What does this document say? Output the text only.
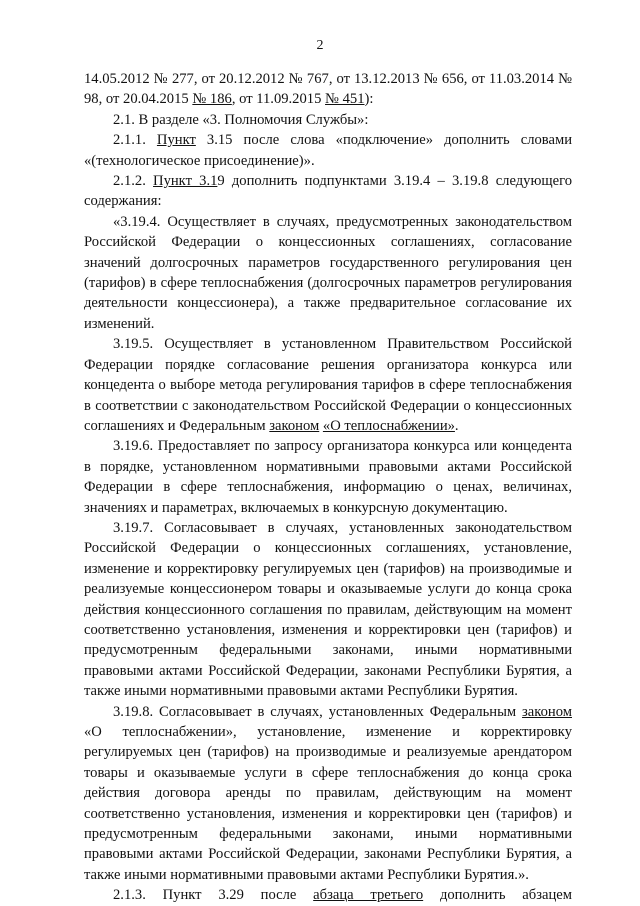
2

14.05.2012 № 277, от 20.12.2012 № 767, от 13.12.2013 № 656, от 11.03.2014 № 98, от 20.04.2015 № 186, от 11.09.2015 № 451):

2.1. В разделе «3. Полномочия Службы»:

2.1.1. Пункт 3.15 после слова «подключение» дополнить словами «(технологическое присоединение)».

2.1.2. Пункт 3.19 дополнить подпунктами 3.19.4 – 3.19.8 следующего содержания:

«3.19.4. Осуществляет в случаях, предусмотренных законодательством Российской Федерации о концессионных соглашениях, согласование значений долгосрочных параметров государственного регулирования цен (тарифов) в сфере теплоснабжения (долгосрочных параметров регулирования деятельности концессионера), а также предварительное согласование их изменений.

3.19.5. Осуществляет в установленном Правительством Российской Федерации порядке согласование решения организатора конкурса или концедента о выборе метода регулирования тарифов в сфере теплоснабжения в соответствии с законодательством Российской Федерации о концессионных соглашениях и Федеральным законом «О теплоснабжении».

3.19.6. Предоставляет по запросу организатора конкурса или концедента в порядке, установленном нормативными правовыми актами Российской Федерации в сфере теплоснабжения, информацию о ценах, величинах, значениях и параметрах, включаемых в конкурсную документацию.

3.19.7. Согласовывает в случаях, установленных законодательством Российской Федерации о концессионных соглашениях, установление, изменение и корректировку регулируемых цен (тарифов) на производимые и реализуемые концессионером товары и оказываемые услуги до конца срока действия концессионного соглашения по правилам, действующим на момент соответственно установления, изменения и корректировки цен (тарифов) и предусмотренным федеральными законами, иными нормативными правовыми актами Российской Федерации, законами Республики Бурятия, а также иными нормативными правовыми актами Республики Бурятия.

3.19.8. Согласовывает в случаях, установленных Федеральным законом «О теплоснабжении», установление, изменение и корректировку регулируемых цен (тарифов) на производимые и реализуемые арендатором товары и оказываемые услуги в сфере теплоснабжения до конца срока действия договора аренды по правилам, действующим на момент соответственно установления, изменения и корректировки цен (тарифов) и предусмотренным федеральными законами, иными нормативными правовыми актами Российской Федерации, законами Республики Бурятия, а также иными нормативными правовыми актами Республики Бурятия.».

2.1.3. Пункт 3.29 после абзаца третьего дополнить абзацем
